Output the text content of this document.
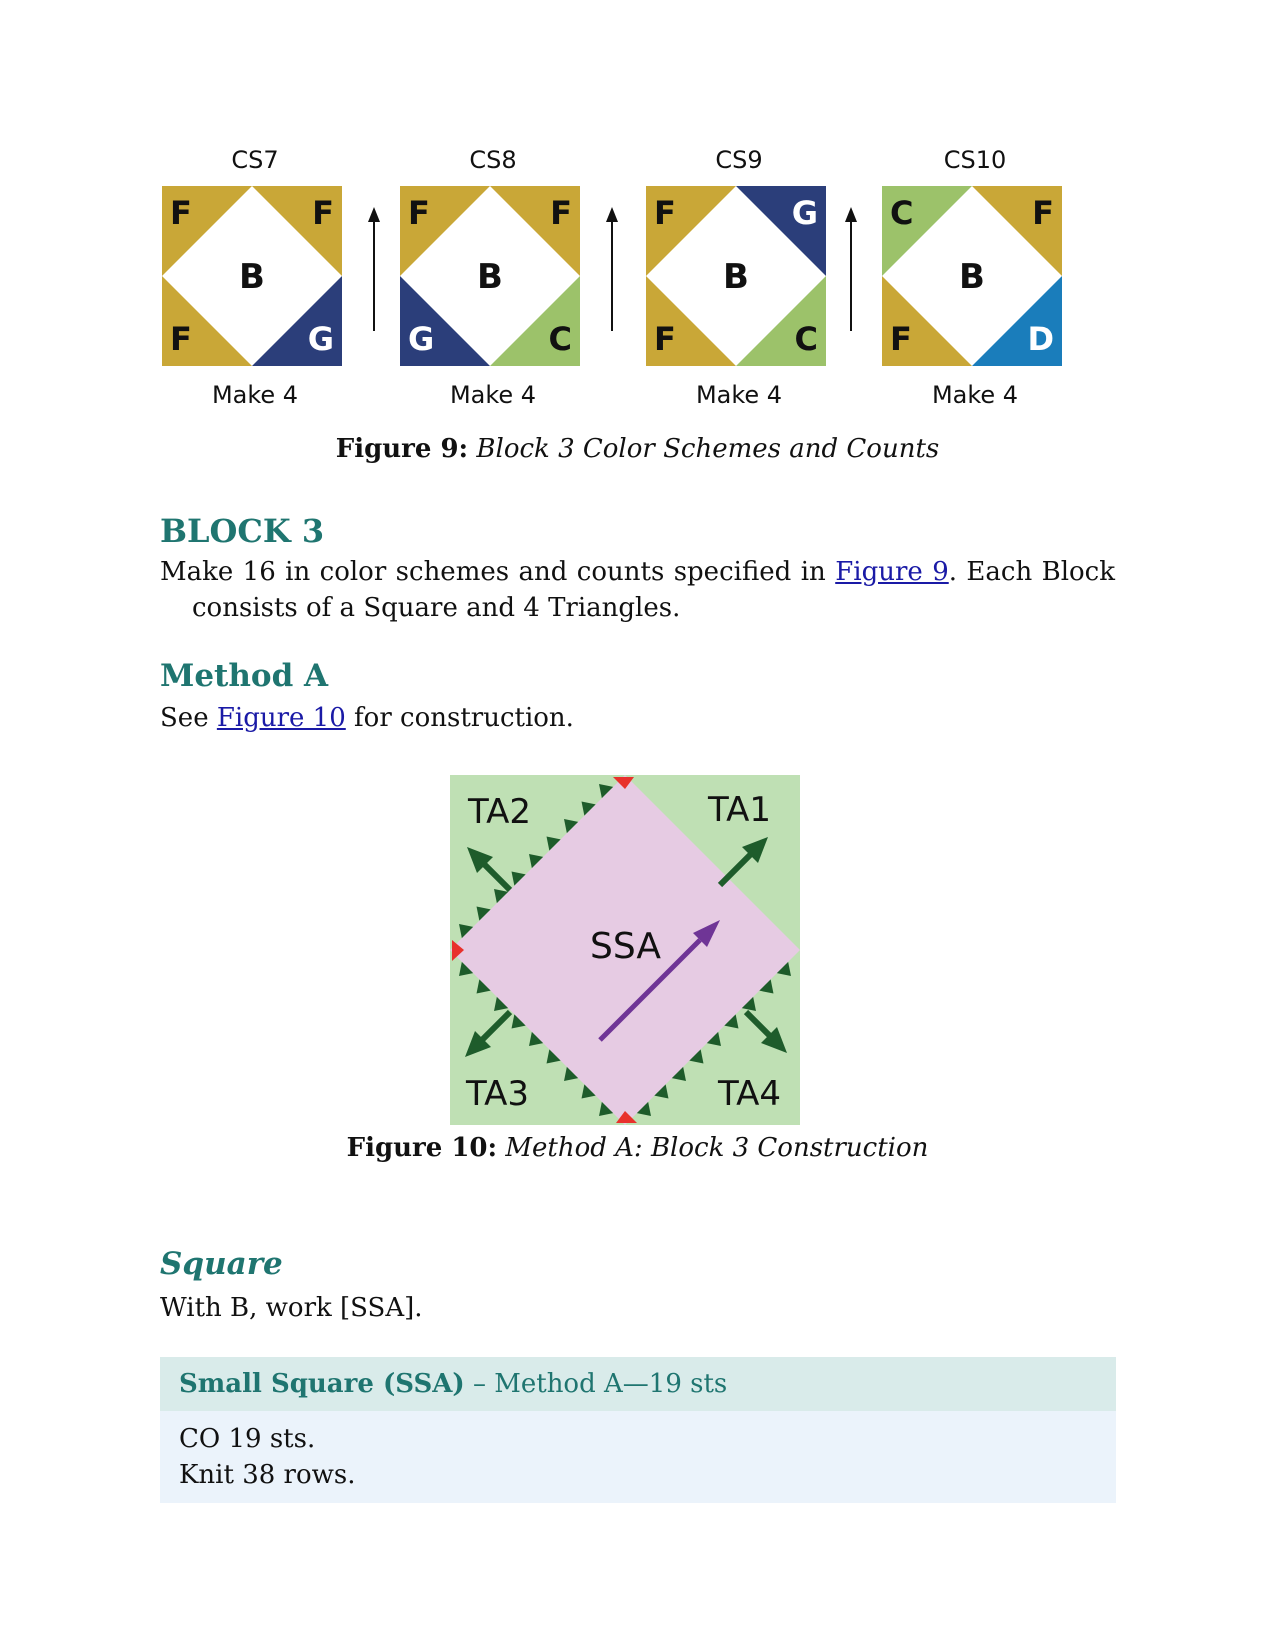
CS7
F	F
F	G
B
Make 4
CS8
F	F
G	C
B
Make 4
CS9
F	G
F	C
B
Make 4
CS10
C	F
F	D
B
Make 4
Figure 9: Block 3 Color Schemes and Counts
BLOCK 3
Make 16 in color schemes and counts specified in Figure 9. Each Block
consists of a Square and 4 Triangles.
Method A
See Figure 10 for construction.
TA2	TA1
TA3	TA4
SSA
Figure 10: Method A: Block 3 Construction
Square
With B, work [SSA].
Small Square (SSA) – Method A—19 sts
CO 19 sts.
Knit 38 rows.
